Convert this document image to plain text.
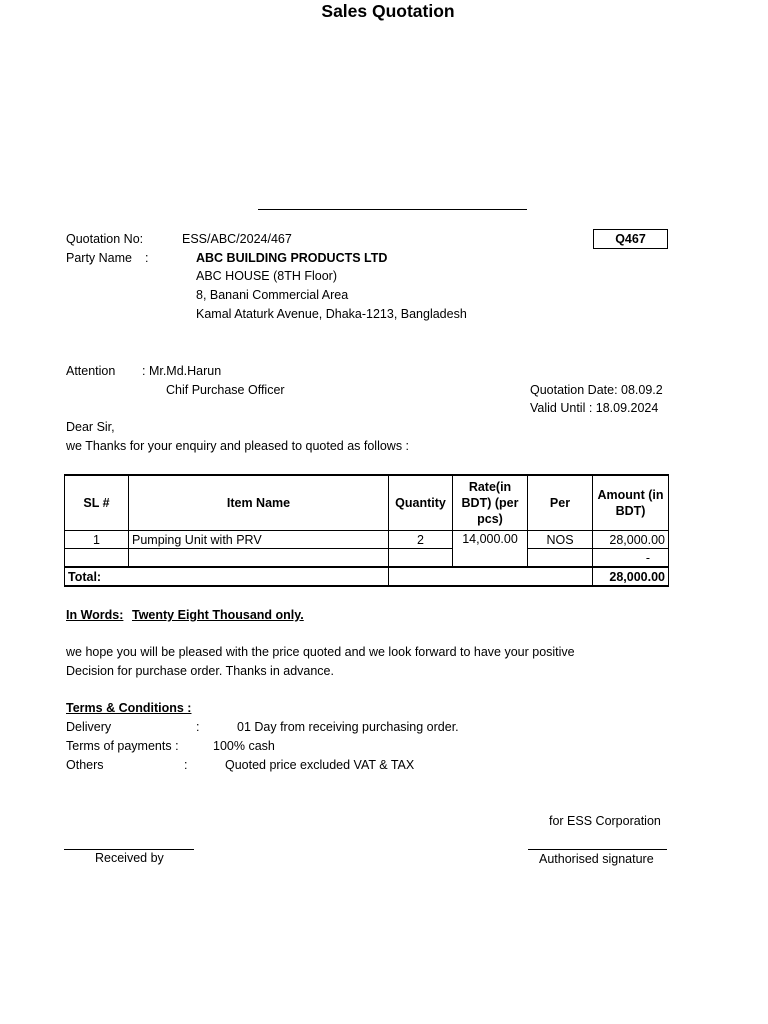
Sales Quotation
Quotation No:	ESS/ABC/2024/467	Q467
Party Name :	ABC BUILDING PRODUCTS LTD
ABC HOUSE (8TH Floor)
8, Banani Commercial Area
Kamal Ataturk Avenue, Dhaka-1213, Bangladesh
Attention : Mr.Md.Harun
Chif Purchase Officer	Quotation Date: 08.09.2
Valid Until : 18.09.2024
Dear Sir,
we Thanks for your enquiry and pleased to quoted as follows :
SL #	Item Name	Quantity	Rate(in BDT) (per pcs)	Per	Amount (in BDT)
1	Pumping Unit with PRV	2	14,000.00	NOS	28,000.00
					-
Total:					28,000.00
In Words: Twenty Eight Thousand only.
we hope you will be pleased with the price quoted and we look forward to have your positive
Decision for purchase order. Thanks in advance.
Terms & Conditions :
Delivery	:	01 Day from receiving purchasing order.
Terms of payments :	100% cash
Others	:	Quoted price excluded VAT & TAX
for ESS Corporation
Received by	Authorised signature
